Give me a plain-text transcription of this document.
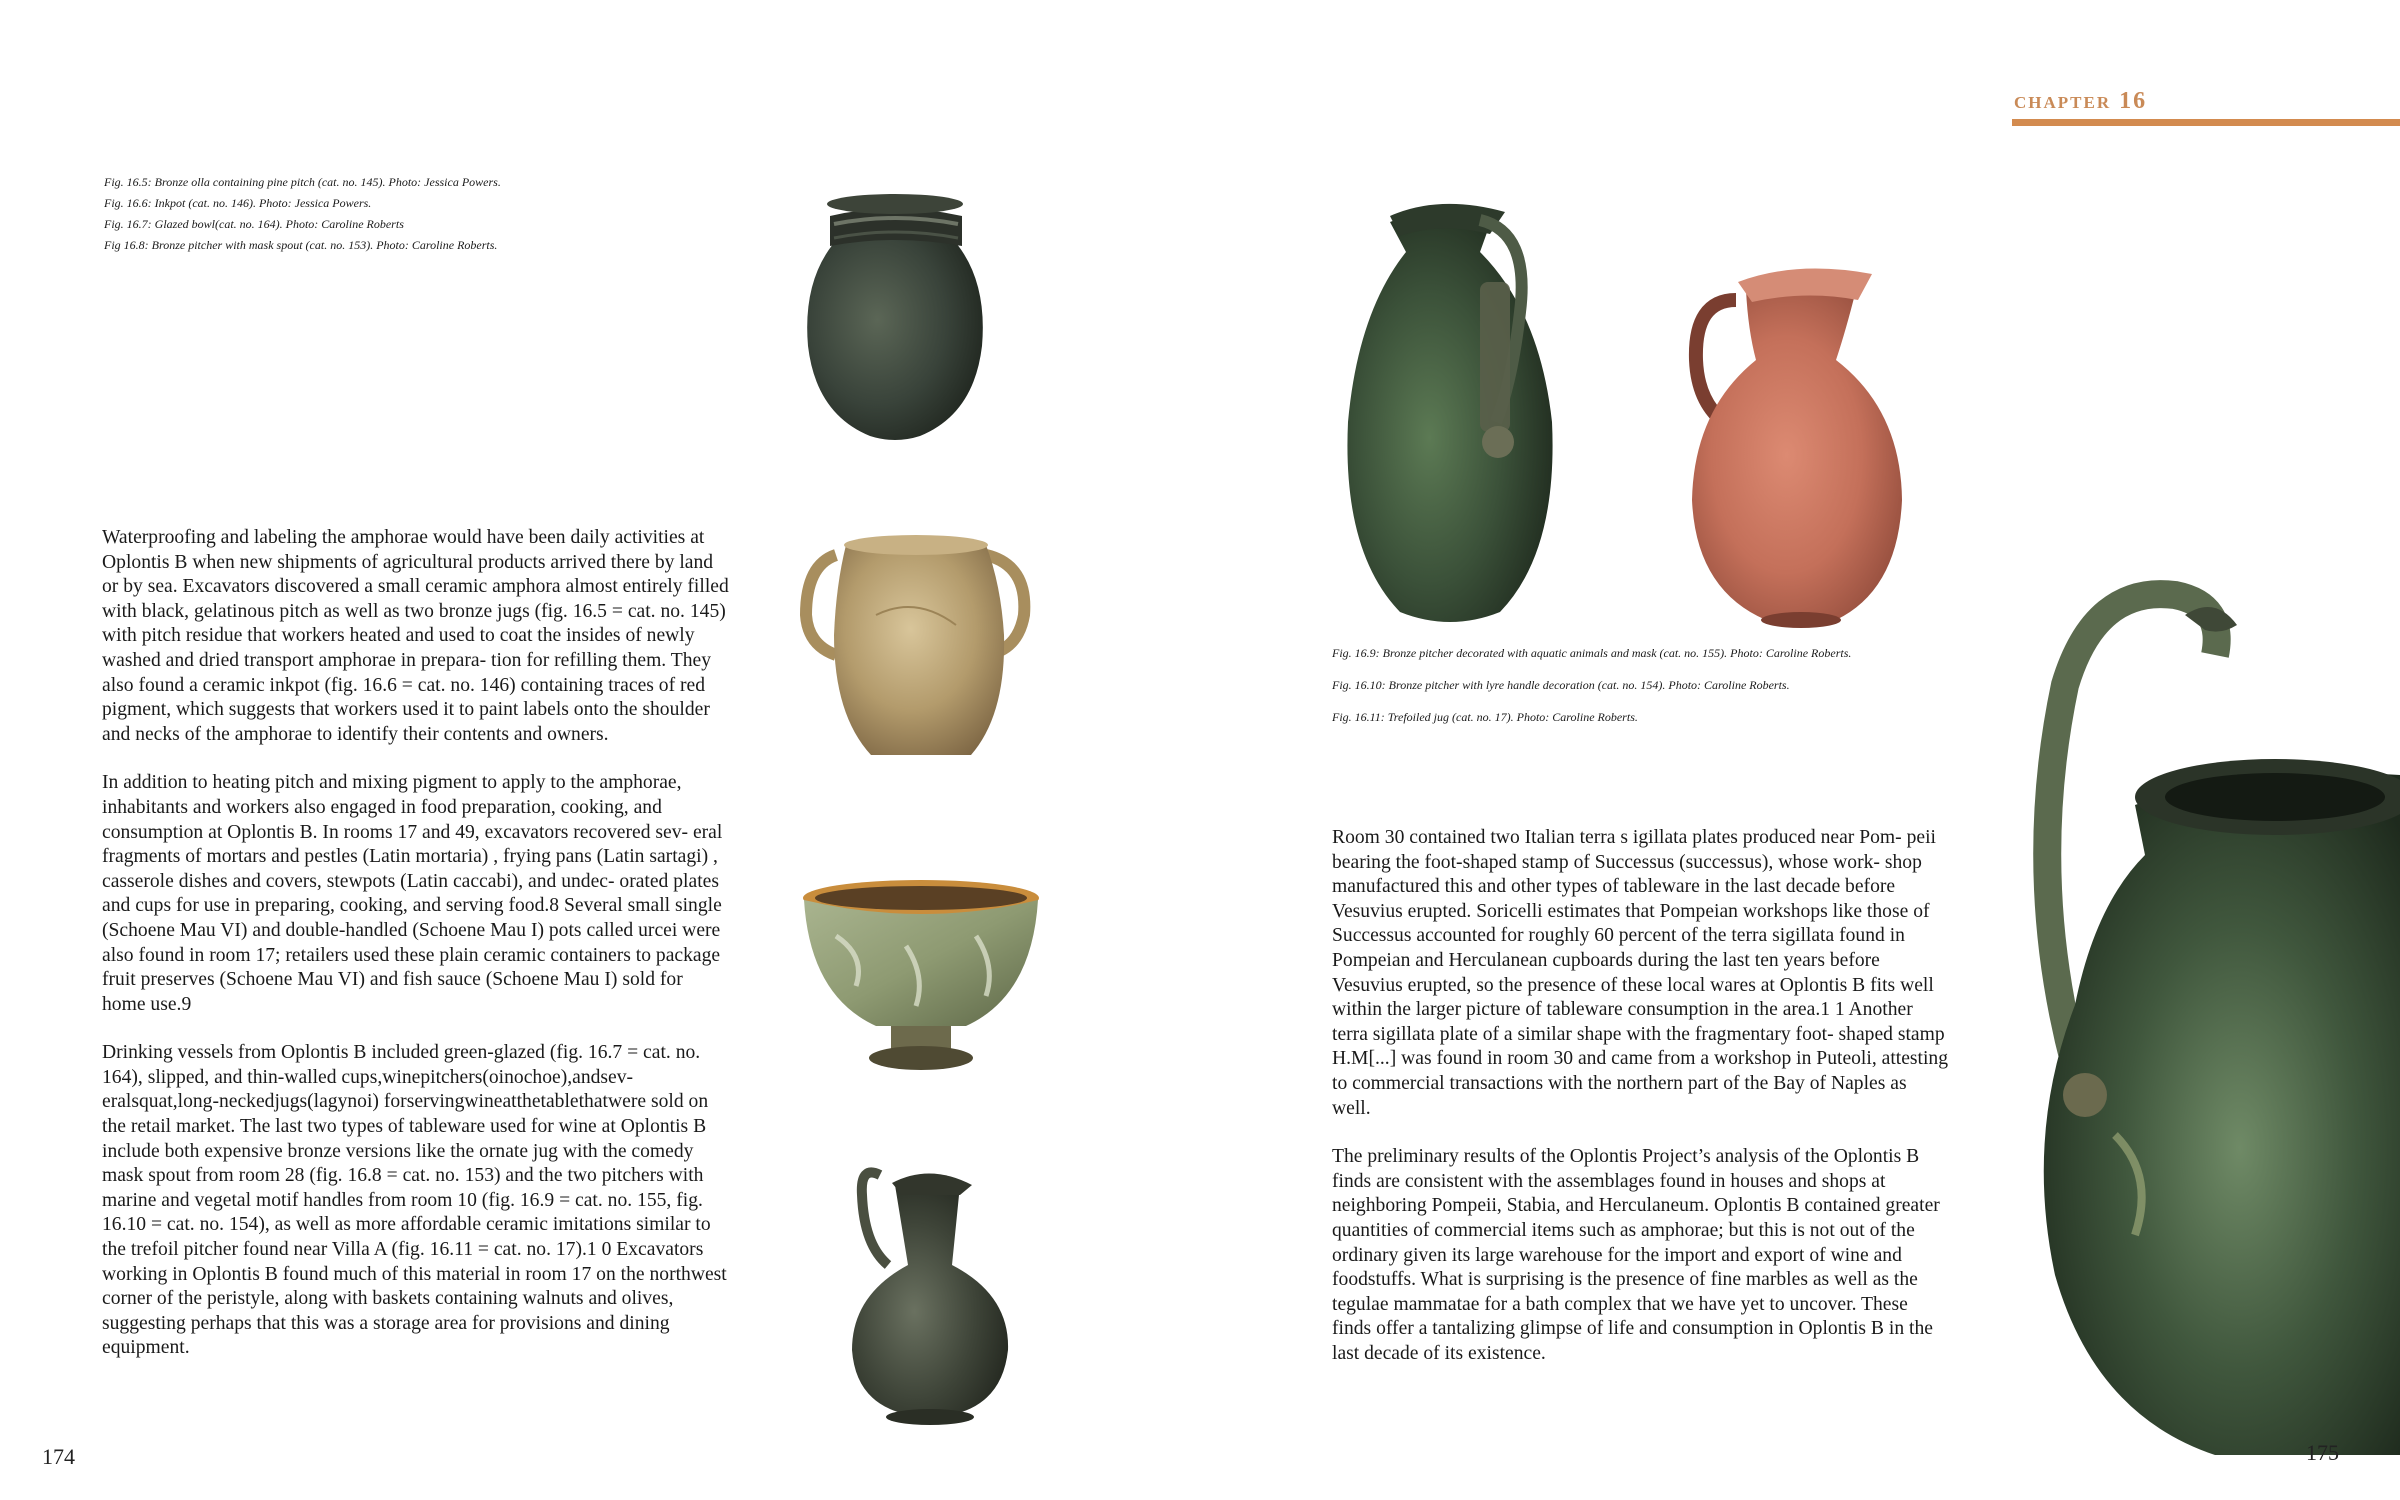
chapter 16
Fig. 16.5: Bronze olla containing pine pitch (cat. no. 145). Photo: Jessica Powers.
Fig. 16.6: Inkpot (cat. no. 146). Photo: Jessica Powers.
Fig. 16.7: Glazed bowl(cat. no. 164). Photo: Caroline Roberts
Fig 16.8: Bronze pitcher with mask spout (cat. no. 153). Photo: Caroline Roberts.

Waterproofing and labeling the amphorae would have been daily activities at Oplontis B when new shipments of agricultural products arrived there by land or by sea. Excavators discovered a small ceramic amphora almost entirely filled with black, gelatinous pitch as well as two bronze jugs (fig. 16.5 = cat. no. 145) with pitch residue that workers heated and used to coat the insides of newly washed and dried transport amphorae in prepara- tion for refilling them. They also found a ceramic inkpot (fig. 16.6 = cat. no. 146) containing traces of red pigment, which suggests that workers used it to paint labels onto the shoulder and necks of the amphorae to identify their contents and owners.

In addition to heating pitch and mixing pigment to apply to the amphorae, inhabitants and workers also engaged in food preparation, cooking, and consumption at Oplontis B. In rooms 17 and 49, excavators recovered sev- eral fragments of mortars and pestles (Latin mortaria) , frying pans (Latin sartagi) , casserole dishes and covers, stewpots (Latin caccabi), and undec- orated plates and cups for use in preparing, cooking, and serving food.8 Several small single (Schoene Mau VI) and double-handled (Schoene Mau I) pots called urcei were also found in room 17; retailers used these plain ceramic containers to package fruit preserves (Schoene Mau VI) and fish sauce (Schoene Mau I) sold for home use.9

Drinking vessels from Oplontis B included green-glazed (fig. 16.7 = cat. no. 164), slipped, and thin-walled cups,winepitchers(oinochoe),andsev- eralsquat,long-neckedjugs(lagynoi) forservingwineatthetablethatwere sold on the retail market. The last two types of tableware used for wine at Oplontis B include both expensive bronze versions like the ornate jug with the comedy mask spout from room 28 (fig. 16.8 = cat. no. 153) and the two pitchers with marine and vegetal motif handles from room 10 (fig. 16.9 = cat. no. 155, fig. 16.10 = cat. no. 154), as well as more affordable ceramic imitations similar to the trefoil pitcher found near Villa A (fig. 16.11 = cat. no. 17).1 0 Excavators working in Oplontis B found much of this material in room 17 on the northwest corner of the peristyle, along with baskets containing walnuts and olives, suggesting perhaps that this was a storage area for provisions and dining equipment.

174
Fig. 16.9: Bronze pitcher decorated with aquatic animals and mask (cat. no. 155). Photo: Caroline Roberts.
Fig. 16.10: Bronze pitcher with lyre handle decoration (cat. no. 154). Photo: Caroline Roberts.
Fig. 16.11: Trefoiled jug (cat. no. 17). Photo: Caroline Roberts.

Room 30 contained two Italian terra s igillata plates produced near Pom- peii bearing the foot-shaped stamp of Successus (successus), whose work- shop manufactured this and other types of tableware in the last decade before Vesuvius erupted. Soricelli estimates that Pompeian workshops like those of Successus accounted for roughly 60 percent of the terra sigillata found in Pompeian and Herculanean cupboards during the last ten years before Vesuvius erupted, so the presence of these local wares at Oplontis B fits well within the larger picture of tableware consumption in the area.1 1 Another terra sigillata plate of a similar shape with the fragmentary foot- shaped stamp H.M[...] was found in room 30 and came from a workshop in Puteoli, attesting to commercial transactions with the northern part of the Bay of Naples as well.

The preliminary results of the Oplontis Project’s analysis of the Oplontis B finds are consistent with the assemblages found in houses and shops at neighboring Pompeii, Stabia, and Herculaneum. Oplontis B contained greater quantities of commercial items such as amphorae; but this is not out of the ordinary given its large warehouse for the import and export of wine and foodstuffs. What is surprising is the presence of fine marbles as well as the tegulae mammatae for a bath complex that we have yet to uncover. These finds offer a tantalizing glimpse of life and consumption in Oplontis B in the last decade of its existence.

175
